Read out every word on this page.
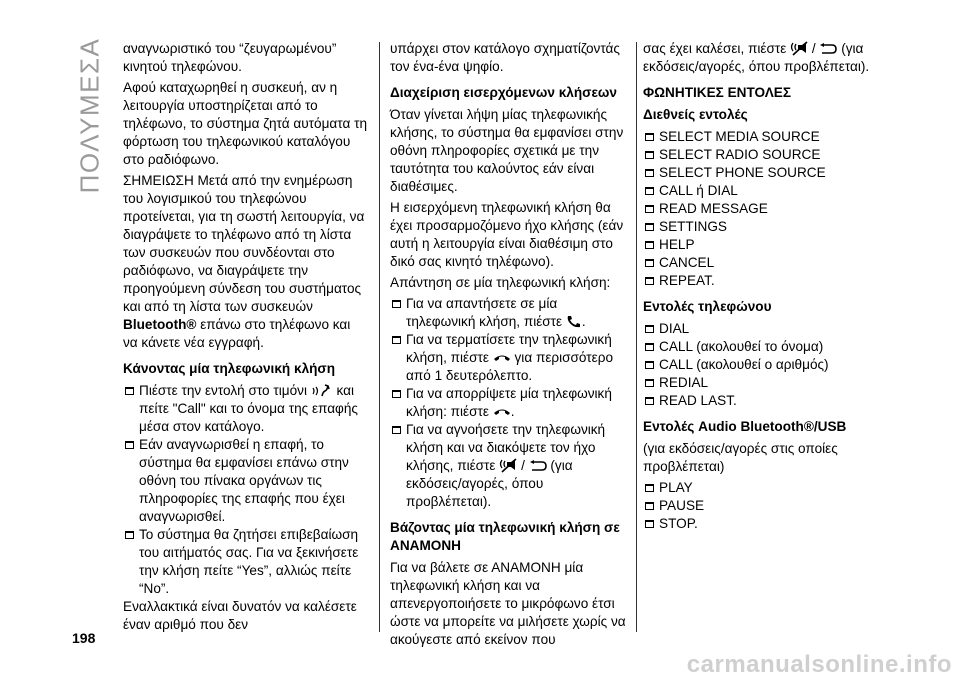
ΠΟΛΥΜΕΣΑ αναγνωριστικό του “ζευγαρωμένου” κινητού τηλεφώνου.

Αφού καταχωρηθεί η συσκευή, αν η λειτουργία υποστηρίζεται από το τηλέφωνο, το σύστημα ζητά αυτόματα τη φόρτωση του τηλεφωνικού καταλόγου στο ραδιόφωνο.

ΣΗΜΕΙΩΣΗ Μετά από την ενημέρωση του λογισμικού του τηλεφώνου προτείνεται, για τη σωστή λειτουργία, να διαγράψετε το τηλέφωνο από τη λίστα των συσκευών που συνδέονται στο ραδιόφωνο, να διαγράψετε την προηγούμενη σύνδεση του συστήματος και από τη λίστα των συσκευών Bluetooth® επάνω στο τηλέφωνο και να κάνετε νέα εγγραφή.

Κάνοντας μία τηλεφωνική κλήση
Πιέστε την εντολή στο τιμόνι και πείτε "Call" και το όνομα της επαφής μέσα στον κατάλογο.
Εάν αναγνωρισθεί η επαφή, το σύστημα θα εμφανίσει επάνω στην οθόνη του πίνακα οργάνων τις πληροφορίες της επαφής που έχει αναγνωρισθεί.
Το σύστημα θα ζητήσει επιβεβαίωση του αιτήματός σας. Για να ξεκινήσετε την κλήση πείτε “Yes”, αλλιώς πείτε “No”.

Εναλλακτικά είναι δυνατόν να καλέσετε έναν αριθμό που δεν

υπάρχει στον κατάλογο σχηματίζοντάς τον ένα-ένα ψηφίο.

Διαχείριση εισερχόμενων κλήσεων

Όταν γίνεται λήψη μίας τηλεφωνικής κλήσης, το σύστημα θα εμφανίσει στην οθόνη πληροφορίες σχετικά με την ταυτότητα του καλούντος εάν είναι διαθέσιμες.

Η εισερχόμενη τηλεφωνική κλήση θα έχει προσαρμοζόμενο ήχο κλήσης (εάν αυτή η λειτουργία είναι διαθέσιμη στο δικό σας κινητό τηλέφωνο).

Απάντηση σε μία τηλεφωνική κλήση:

Για να απαντήσετε σε μία τηλεφωνική κλήση, πιέστε .
Για να τερματίσετε την τηλεφωνική κλήση, πιέστε για περισσότερο από 1 δευτερόλεπτο.
Για να απορρίψετε μία τηλεφωνική κλήση: πιέστε .
Για να αγνοήσετε την τηλεφωνική κλήση και να διακόψετε τον ήχο κλήσης, πιέστε / (για εκδόσεις/αγορές, όπου προβλέπεται).
Βάζοντας μία τηλεφωνική κλήση σε ΑΝΑΜΟΝΗ

Για να βάλετε σε ΑΝΑΜΟΝΗ μία τηλεφωνική κλήση και να απενεργοποιήσετε το μικρόφωνο έτσι ώστε να μπορείτε να μιλήσετε χωρίς να ακούγεστε από εκείνον που

σας έχει καλέσει, πιέστε / (για εκδόσεις/αγορές, όπου προβλέπεται).

ΦΩΝΗΤΙΚΕΣ ΕΝΤΟΛΕΣ
Διεθνείς εντολές
SELECT MEDIA SOURCE
SELECT RADIO SOURCE
SELECT PHONE SOURCE
CALL ή DIAL
READ MESSAGE
SETTINGS
HELP
CANCEL
REPEAT.
Εντολές τηλεφώνου
DIAL
CALL (ακολουθεί το όνομα)
CALL (ακολουθεί ο αριθμός)
REDIAL
READ LAST.
Εντολές Audio Bluetooth®/USB

(για εκδόσεις/αγορές στις οποίες προβλέπεται)

PLAY
PAUSE
STOP.
198
carmanualsonline.info
